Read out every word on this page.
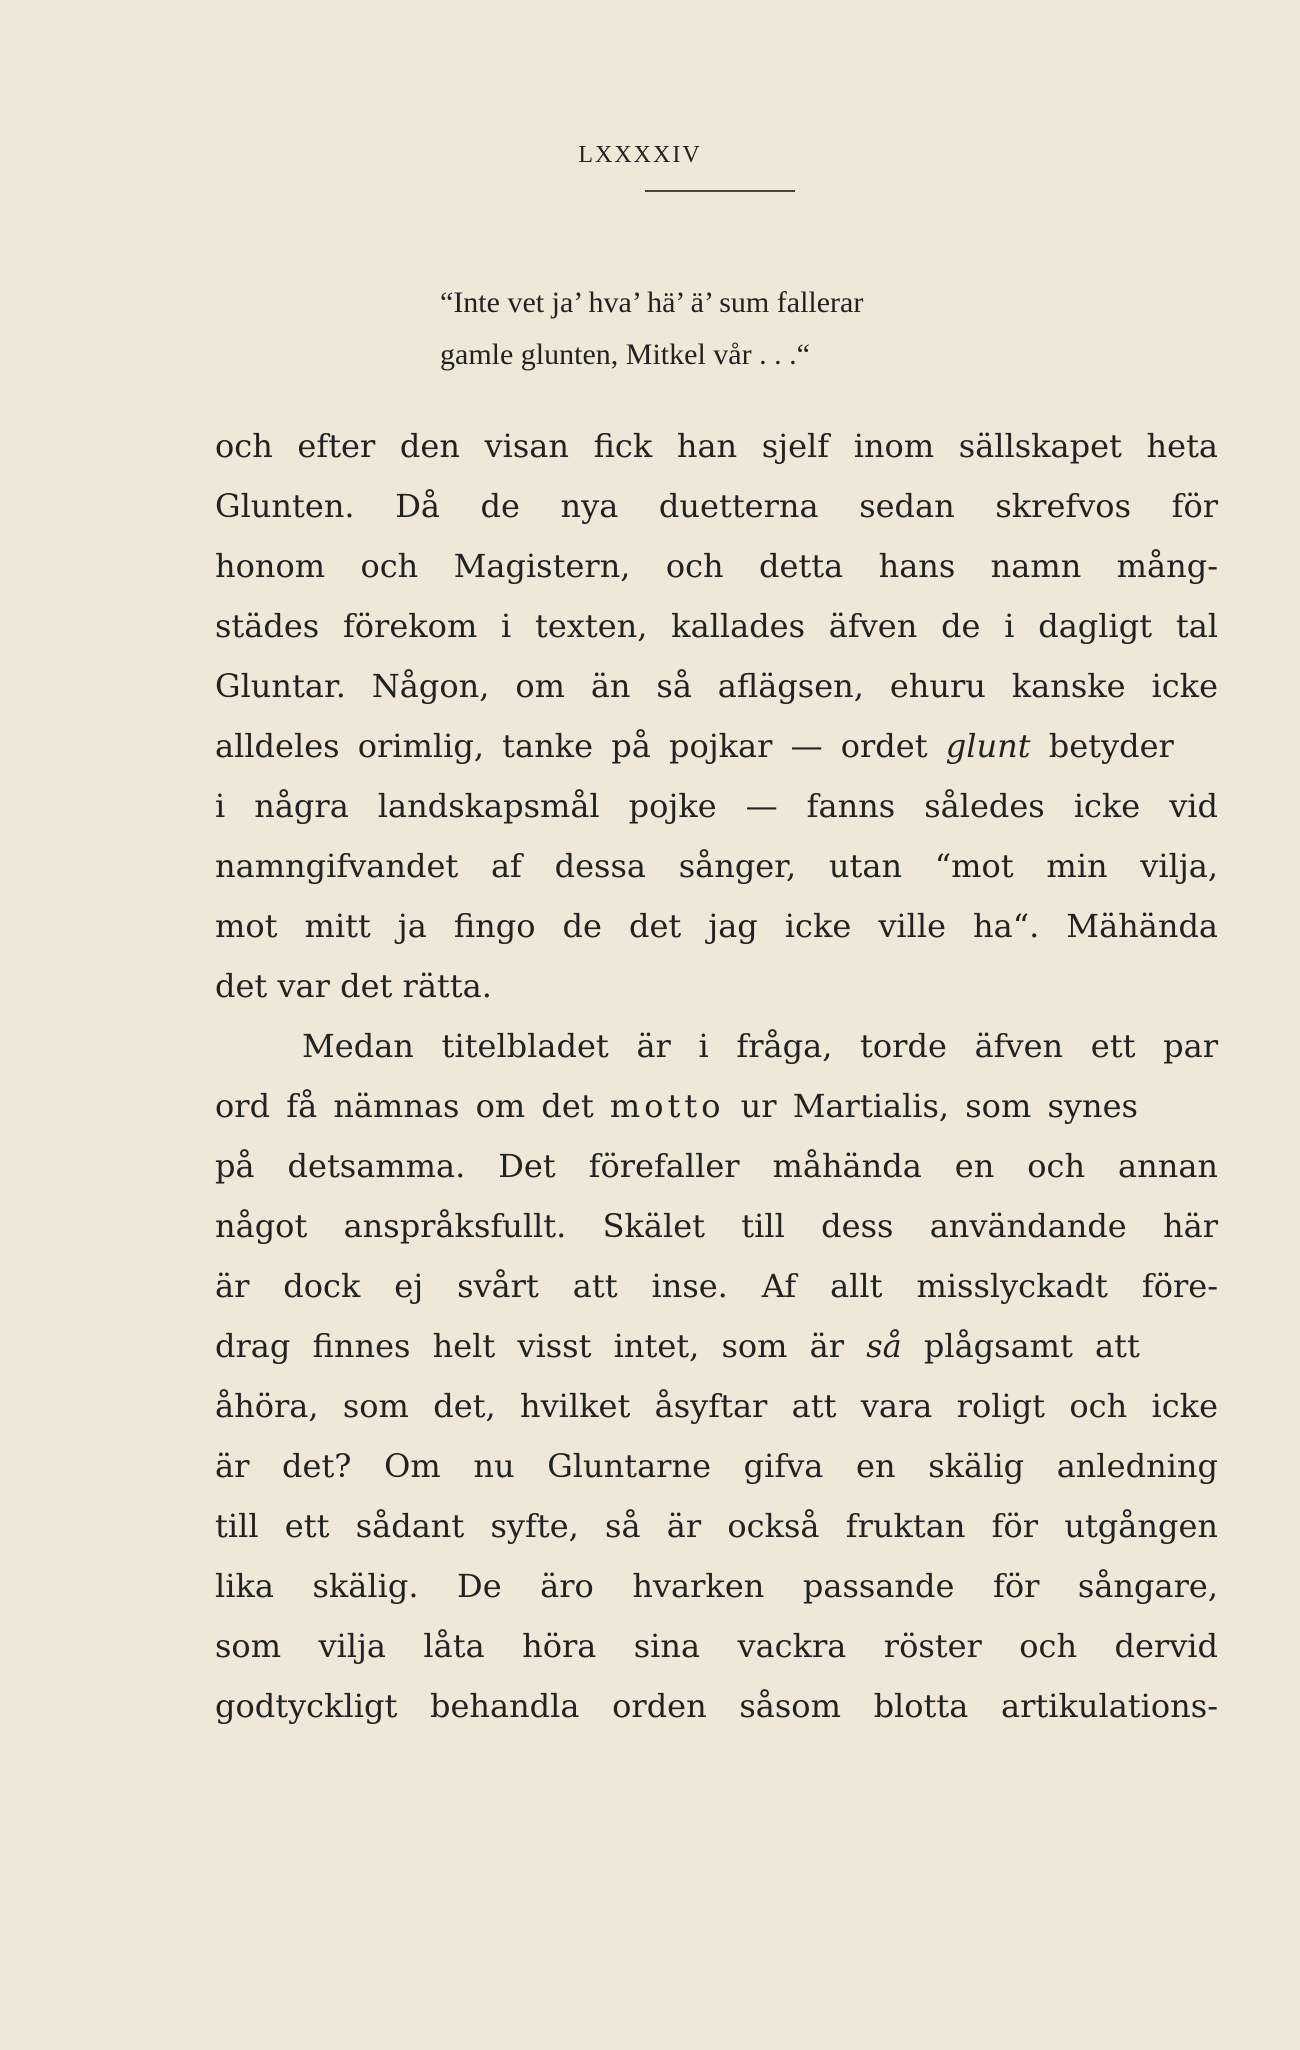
LXXXXIV
“Inte vet ja’ hva’ hä’ ä’ sum fallerar
gamle glunten, Mitkel vår . . .“
och efter den visan fick han sjelf inom sällskapet heta
Glunten. Då de nya duetterna sedan skrefvos för
honom och Magistern, och detta hans namn mång-
städes förekom i texten, kallades äfven de i dagligt tal
Gluntar. Någon, om än så aflägsen, ehuru kanske icke
alldeles orimlig, tanke på pojkar — ordet glunt betyder
i några landskapsmål pojke — fanns således icke vid
namngifvandet af dessa sånger, utan “mot min vilja,
mot mitt ja fingo de det jag icke ville ha“. Mähända
det var det rätta.
Medan titelbladet är i fråga, torde äfven ett par
ord få nämnas om det motto ur Martialis, som synes
på detsamma. Det förefaller måhända en och annan
något anspråksfullt. Skälet till dess användande här
är dock ej svårt att inse. Af allt misslyckadt före-
drag finnes helt visst intet, som är så plågsamt att
åhöra, som det, hvilket åsyftar att vara roligt och icke
är det? Om nu Gluntarne gifva en skälig anledning
till ett sådant syfte, så är också fruktan för utgången
lika skälig. De äro hvarken passande för sångare,
som vilja låta höra sina vackra röster och dervid
godtyckligt behandla orden såsom blotta artikulations-
